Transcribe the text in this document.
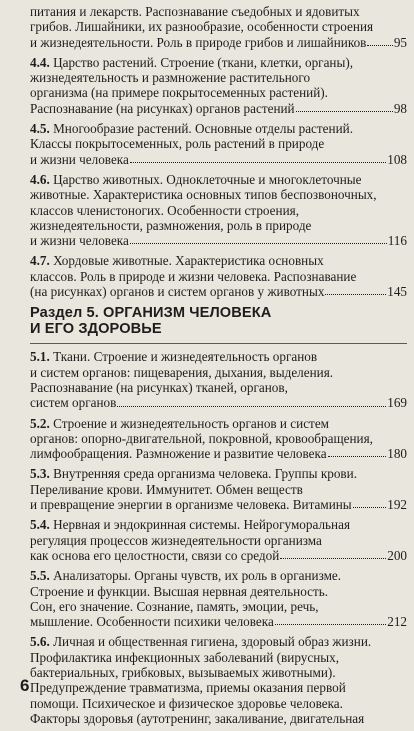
питания и лекарств. Распознавание съедобных и ядовитых
грибов. Лишайники, их разнообразие, особенности строения
и жизнедеятельности. Роль в природе грибов и лишайников 95
4.4. Царство растений. Строение (ткани, клетки, органы),
жизнедеятельность и размножение растительного
организма (на примере покрытосеменных растений).
Распознавание (на рисунках) органов растений	98
4.5. Многообразие растений. Основные отделы растений.
Классы покрытосеменных, роль растений в природе
и жизни человека	108
4.6. Царство животных. Одноклеточные и многоклеточные
животные. Характеристика основных типов беспозвоночных,
классов членистоногих. Особенности строения,
жизнедеятельности, размножения, роль в природе
и жизни человека	116
4.7. Хордовые животные. Характеристика основных
классов. Роль в природе и жизни человека. Распознавание
(на рисунках) органов и систем органов у животных	145
Раздел 5. ОРГАНИЗМ ЧЕЛОВЕКА
И ЕГО ЗДОРОВЬЕ
5.1. Ткани. Строение и жизнедеятельность органов
и систем органов: пищеварения, дыхания, выделения.
Распознавание (на рисунках) тканей, органов,
систем органов	169
5.2. Строение и жизнедеятельность органов и систем
органов: опорно-двигательной, покровной, кровообращения,
лимфообращения. Размножение и развитие человека	180
5.3. Внутренняя среда организма человека. Группы крови.
Переливание крови. Иммунитет. Обмен веществ
и превращение энергии в организме человека. Витамины	192
5.4. Нервная и эндокринная системы. Нейрогуморальная
регуляция процессов жизнедеятельности организма
как основа его целостности, связи со средой	200
5.5. Анализаторы. Органы чувств, их роль в организме.
Строение и функции. Высшая нервная деятельность.
Сон, его значение. Сознание, память, эмоции, речь,
мышление. Особенности психики человека	212
5.6. Личная и общественная гигиена, здоровый образ жизни.
Профилактика инфекционных заболеваний (вирусных,
бактериальных, грибковых, вызываемых животными).
Предупреждение травматизма, приемы оказания первой
помощи. Психическое и физическое здоровье человека.
Факторы здоровья (аутотренинг, закаливание, двигательная
6
